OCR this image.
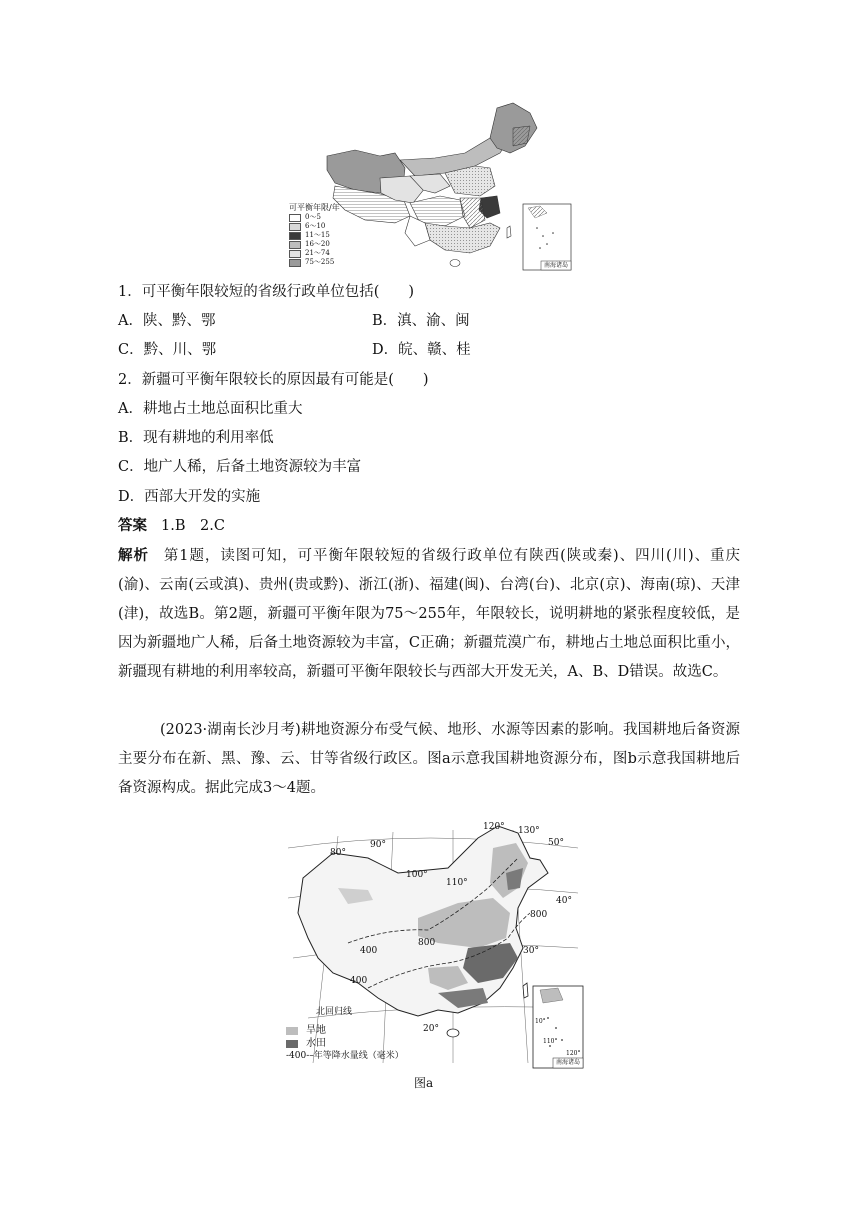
可平衡年限/年
0～5
6～10
11～15
16～20
21～74
75～255	南海诸岛
1．可平衡年限较短的省级行政单位包括(　　)
A．陕、黔、鄂	B．滇、渝、闽
C．黔、川、鄂	D．皖、赣、桂
2．新疆可平衡年限较长的原因最有可能是(　　)
A．耕地占土地总面积比重大
B．现有耕地的利用率低
C．地广人稀，后备土地资源较为丰富
D．西部大开发的实施
答案 1.B　2.C
解析 第1题，读图可知，可平衡年限较短的省级行政单位有陕西(陕或秦)、四川(川)、重庆(渝)、云南(云或滇)、贵州(贵或黔)、浙江(浙)、福建(闽)、台湾(台)、北京(京)、海南(琼)、天津(津)，故选B。第2题，新疆可平衡年限为75～255年，年限较长，说明耕地的紧张程度较低，是因为新疆地广人稀，后备土地资源较为丰富，C正确；新疆荒漠广布，耕地占土地总面积比重小，新疆现有耕地的利用率较高，新疆可平衡年限较长与西部大开发无关，A、B、D错误。故选C。
(2023·湖南长沙月考)耕地资源分布受气候、地形、水源等因素的影响。我国耕地后备资源主要分布在新、黑、豫、云、甘等省级行政区。图a示意我国耕地资源分布，图b示意我国耕地后备资源构成。据此完成3～4题。
80°
90°
100°
110°
120° 130°
50°
40°
30°
20°
400
800
400
800
北回归线
110°
120°
10°
南海诸岛
旱地
水田
-400-–年等降水量线（毫米）
图a
